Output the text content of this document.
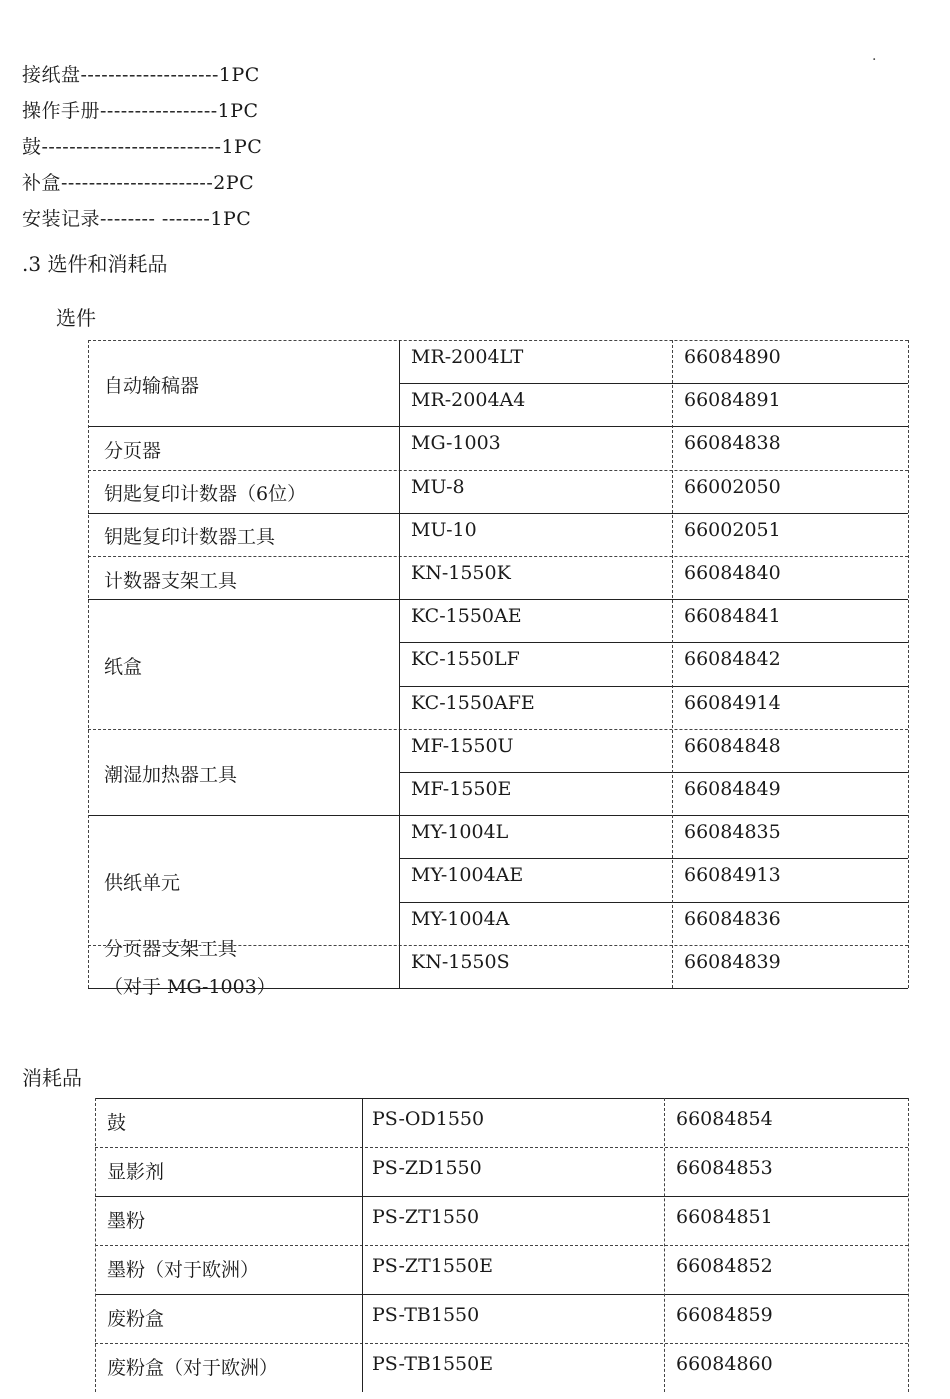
接纸盘--------------------1PC
操作手册-----------------1PC
鼓--------------------------1PC
补盒----------------------2PC
安装记录-------- -------1PC
.3 选件和消耗品
选件
自动输稿器
MR-2004LT	66084890
MR-2004A4	66084891
分页器	MG-1003	66084838
钥匙复印计数器（6位）	MU-8	66002050
钥匙复印计数器工具	MU-10	66002051
计数器支架工具	KN-1550K	66084840
纸盒
KC-1550AE	66084841
KC-1550LF	66084842
KC-1550AFE	66084914
潮湿加热器工具
MF-1550U	66084848
MF-1550E	66084849
供纸单元
MY-1004L	66084835
MY-1004AE	66084913
MY-1004A	66084836
分页器支架工具
（对于 MG-1003）
KN-1550S	66084839
消耗品
鼓	PS-OD1550	66084854
显影剂	PS-ZD1550	66084853
墨粉	PS-ZT1550	66084851
墨粉（对于欧洲）	PS-ZT1550E	66084852
废粉盒	PS-TB1550	66084859
废粉盒（对于欧洲）	PS-TB1550E	66084860
·
